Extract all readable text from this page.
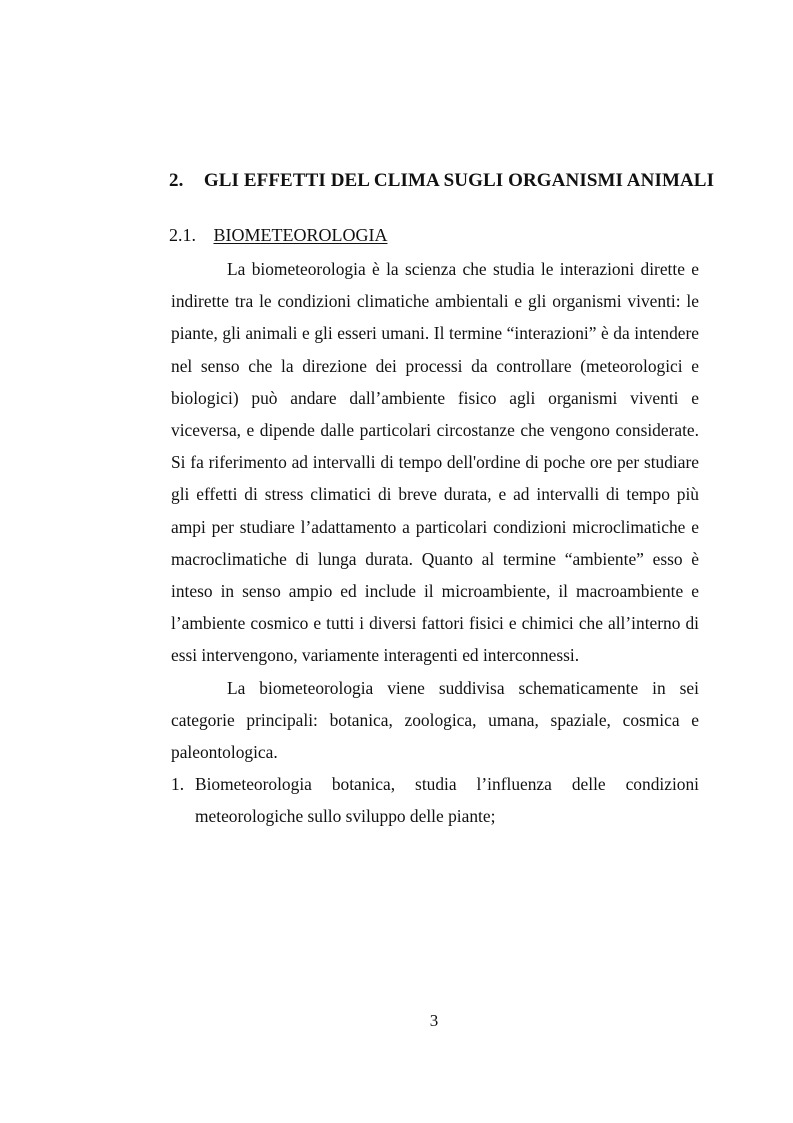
2. GLI EFFETTI DEL CLIMA SUGLI ORGANISMI ANIMALI
2.1. BIOMETEOROLOGIA

La biometeorologia è la scienza che studia le interazioni dirette e indirette tra le condizioni climatiche ambientali e gli organismi viventi: le piante, gli animali e gli esseri umani. Il termine “interazioni” è da intendere nel senso che la direzione dei processi da controllare (meteorologici e biologici) può andare dall’ambiente fisico agli organismi viventi e viceversa, e dipende dalle particolari circostanze che vengono considerate. Si fa riferimento ad intervalli di tempo dell'ordine di poche ore per studiare gli effetti di stress climatici di breve durata, e ad intervalli di tempo più ampi per studiare l’adattamento a particolari condizioni microclimatiche e macroclimatiche di lunga durata. Quanto al termine “ambiente” esso è inteso in senso ampio ed include il microambiente, il macroambiente e l’ambiente cosmico e tutti i diversi fattori fisici e chimici che all’interno di essi intervengono, variamente interagenti ed interconnessi.

La biometeorologia viene suddivisa schematicamente in sei categorie principali: botanica, zoologica, umana, spaziale, cosmica e paleontologica.

1. Biometeorologia botanica, studia l’influenza delle condizioni meteorologiche sullo sviluppo delle piante;
3
